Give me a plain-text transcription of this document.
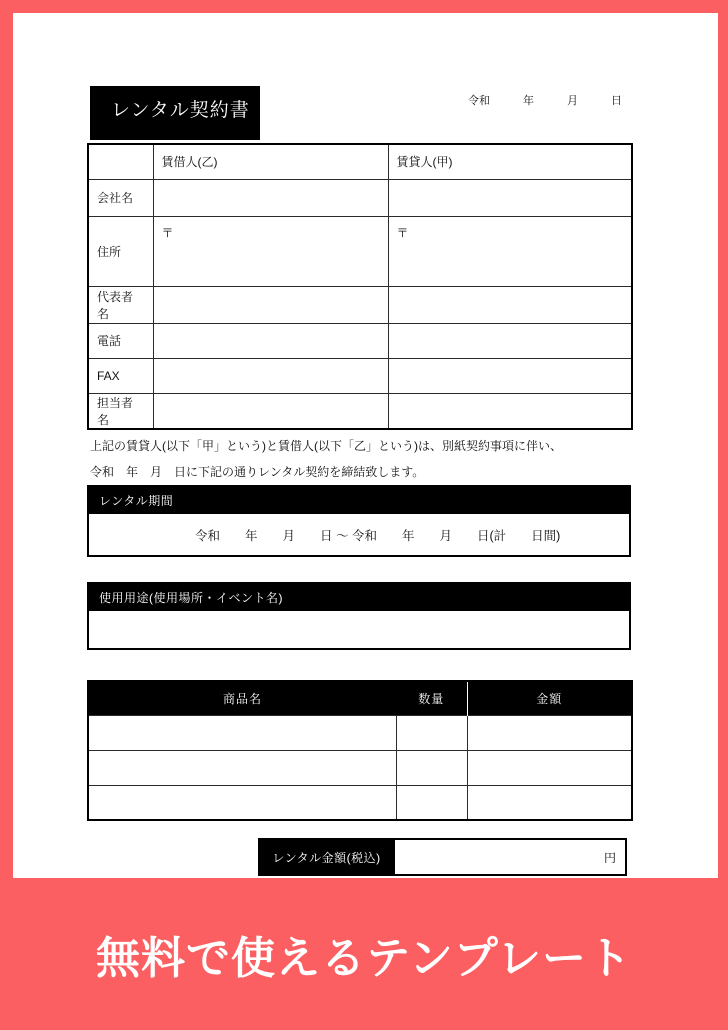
レンタル契約書	令和　　　年　　　月　　　日
	賃借人(乙)	賃貸人(甲)
会社名		
住所	〒	〒
代表者名		
電話		
FAX		
担当者名		

上記の賃貸人(以下「甲」という)と賃借人(以下「乙」という)は、別紙契約事項に伴い、

令和　年　月　日に下記の通りレンタル契約を締結致します。

レンタル期間
令和　　年　　月　　日 ～ 令和　　年　　月　　日(計　　日間)
使用用途(使用場所・イベント名)
商品名	数量	金額

レンタル金額(税込)	円
無料で使えるテンプレート
